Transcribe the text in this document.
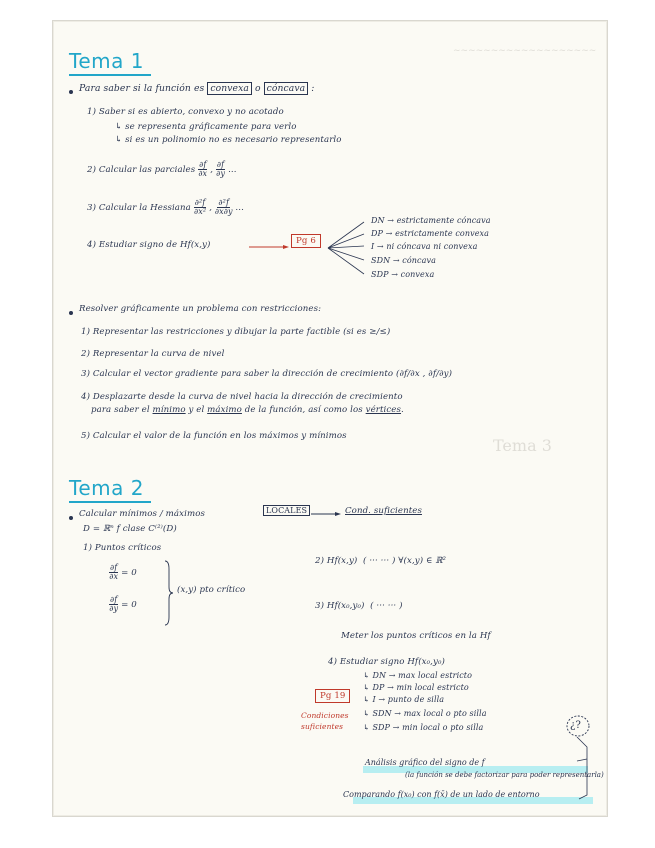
~~~~~~~~~~~~~~~~~~~
Tema 3
Tema 1
Para saber si la función es convexa o cóncava :
1) Saber si es abierto, convexo y no acotado
↳ se representa gráficamente para verlo
↳ si es un polinomio no es necesario representarlo
2) Calcular las parciales $\frac{\partial f}{\partial x}$ , $\frac{\partial f}{\partial y}$ ...
3) Calcular la Hessiana $\frac{\text{∂²f}}{\text{∂x²}}$ , $\frac{\text{∂²f}}{\partial x\partial y}$ ...
4) Estudiar signo de Hf(x,y)	Pg 6
DN → estrictamente cóncava
DP → estrictamente convexa
I → ni cóncava ni convexa
SDN → cóncava
SDP → convexa
Resolver gráficamente un problema con restricciones:
1) Representar las restricciones y dibujar la parte factible (si es ≥/≤)
2) Representar la curva de nivel
3) Calcular el vector gradiente para saber la dirección de crecimiento (∂f/∂x , ∂f/∂y)
4) Desplazarte desde la curva de nivel hacia la dirección de crecimiento
para saber el mínimo y el máximo de la función, así como los vértices.
5) Calcular el valor de la función en los máximos y mínimos
Tema 2
Calcular mínimos / máximos	LOCALES	Cond. suficientes
D = ℝⁿ f clase C⁽²⁾(D)
1) Puntos críticos
$\frac{\partial f}{\partial x} = 0$
$\frac{\partial f}{\partial y} = 0$
(x,y) pto crítico
2) Hf(x,y) ( ··· ··· ) ∀(x,y) ∈ ℝ²
3) Hf(x₀,y₀) ( ··· ··· )
Meter los puntos críticos en la Hf
4) Estudiar signo Hf(x₀,y₀)
Pg 19
Condiciones suficientes
↳ DN → max local estricto
↳ DP → min local estricto
↳ I → punto de silla
↳ SDN → max local o pto silla
↳ SDP → min local o pto silla	¿?
Análisis gráfico del signo de f
(la función se debe factorizar para poder representarla)
Comparando f(x₀) con f(x̄) de un lado de entorno
